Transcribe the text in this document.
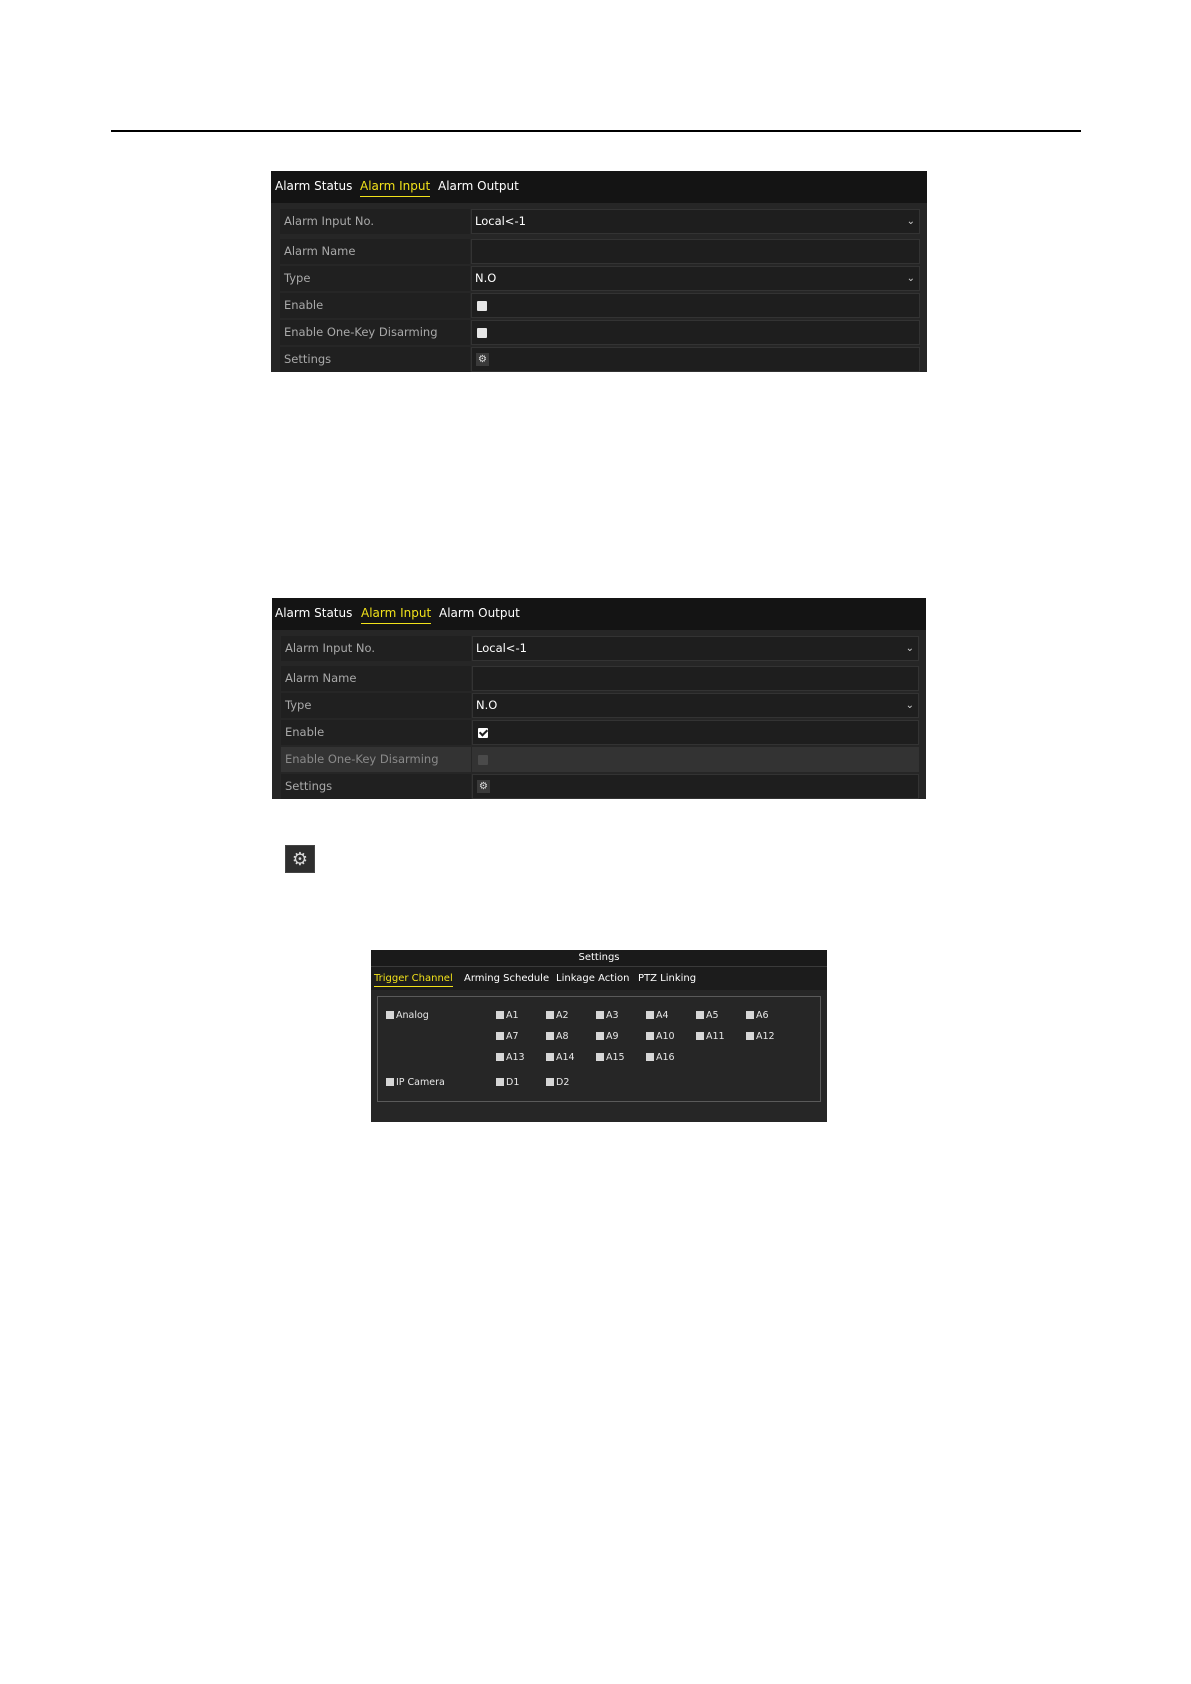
Alarm Status Alarm Input Alarm Output
Alarm Input No.	Local<-1	⌄
Alarm Name
Type	N.O	⌄
Enable
Enable One-Key Disarming
Settings	⚙
Alarm Status Alarm Input Alarm Output
Alarm Input No.	Local<-1	⌄
Alarm Name
Type	N.O	⌄
Enable
Enable One-Key Disarming
Settings	⚙
⚙
Settings
Trigger Channel Arming Schedule Linkage Action PTZ Linking
Analog	A1	A2	A3	A4	A5	A6
A7	A8	A9	A10	A11	A12
A13	A14	A15	A16
IP Camera	D1	D2
